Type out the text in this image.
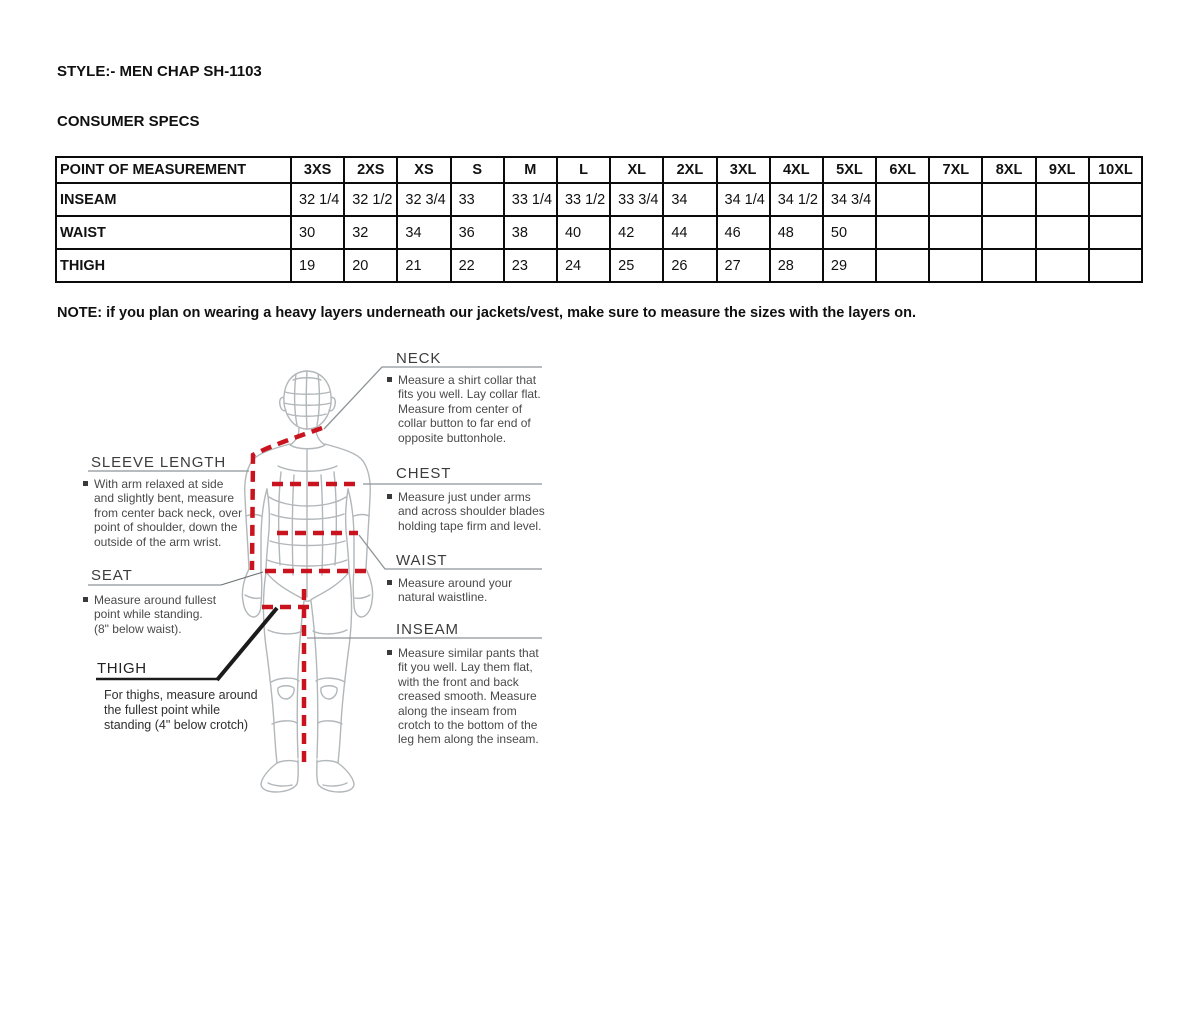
STYLE:- MEN CHAP SH-1103
CONSUMER SPECS
POINT OF MEASUREMENT	3XS	2XS	XS	S	M	L	XL	2XL	3XL	4XL	5XL	6XL	7XL	8XL	9XL	10XL
INSEAM	32 1/4	32 1/2	32 3/4	33	33 1/4	33 1/2	33 3/4	34	34 1/4	34 1/2	34 3/4					
WAIST	30	32	34	36	38	40	42	44	46	48	50					
THIGH	19	20	21	22	23	24	25	26	27	28	29					
NOTE: if you plan on wearing a heavy layers underneath our jackets/vest, make sure to measure the sizes with the layers on.
NECK
Measure a shirt collar that fits you well. Lay collar flat. Measure from center of collar button to far end of opposite buttonhole.
CHEST
Measure just under arms and across shoulder blades holding tape firm and level.
WAIST
Measure around your natural waistline.
INSEAM
Measure similar pants that fit you well. Lay them flat, with the front and back creased smooth. Measure along the inseam from crotch to the bottom of the leg hem along the inseam.
SLEEVE LENGTH
With arm relaxed at side and slightly bent, measure from center back neck, over point of shoulder, down the outside of the arm wrist.
SEAT
Measure around fullest point while standing. (8" below waist).
THIGH
For thighs, measure around the fullest point while standing (4" below crotch)
